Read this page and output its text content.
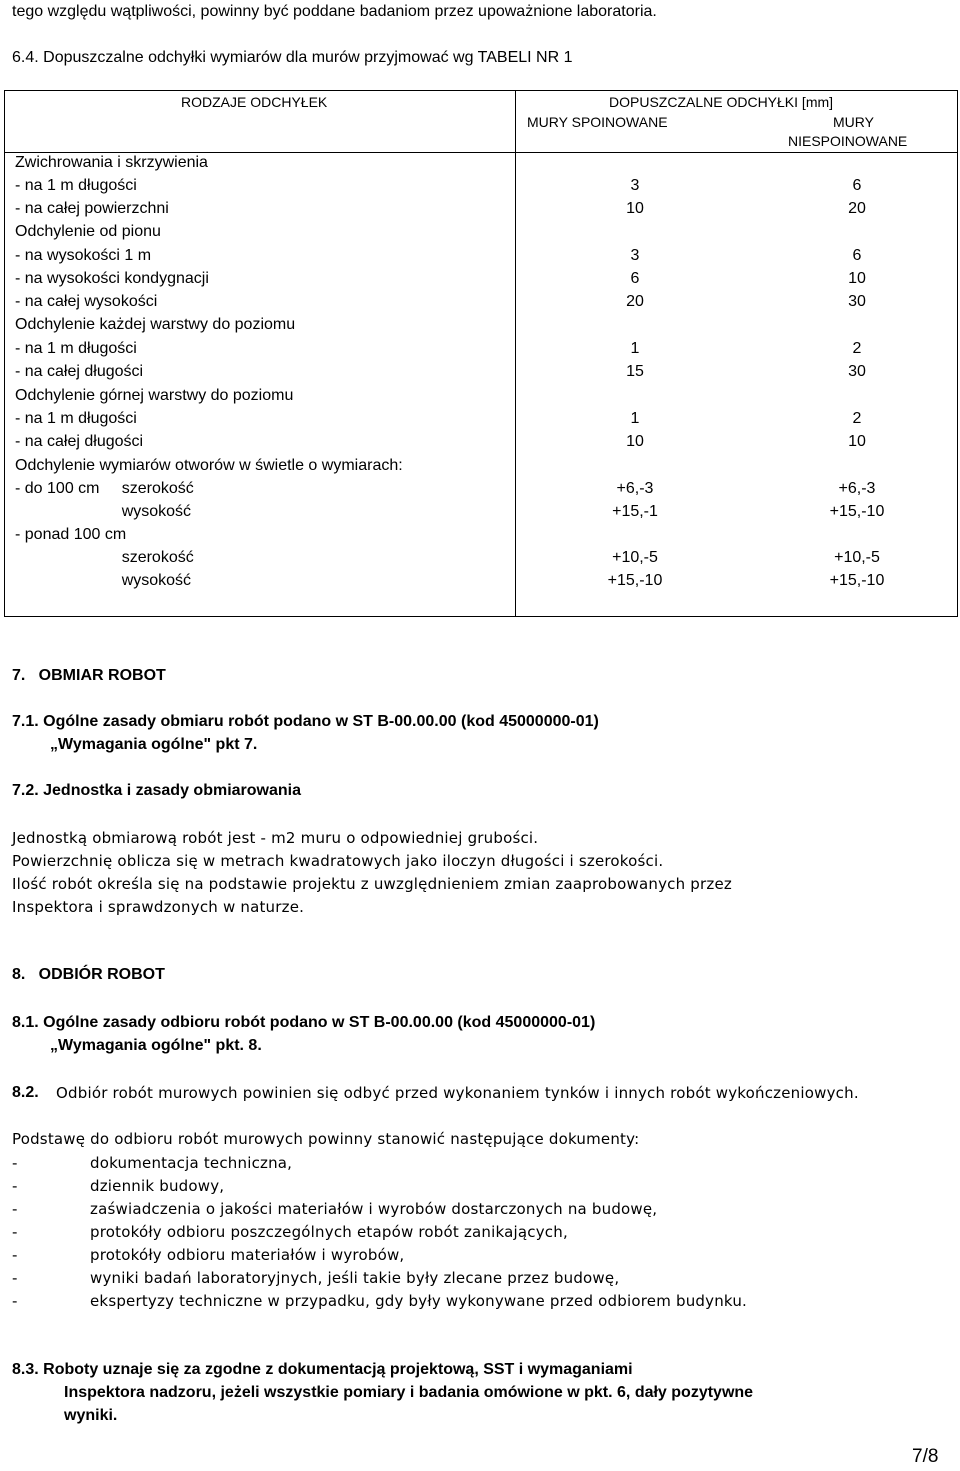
tego względu wątpliwości, powinny być poddane badaniom przez upoważnione laboratoria.
6.4. Dopuszczalne odchyłki wymiarów dla murów przyjmować wg TABELI NR 1
RODZAJE ODCHYŁEK	DOPUSZCZALNE ODCHYŁKI [mm]
MURY SPOINOWANE	MURY
NIESPOINOWANE
Zwichrowania i skrzywienia
- na 1 m długości	3	6
- na całej powierzchni	10	20
Odchylenie od pionu
- na wysokości 1 m	3	6
- na wysokości kondygnacji	6	10
- na całej wysokości	20	30
Odchylenie każdej warstwy do poziomu
- na 1 m długości	1	2
- na całej długości	15	30
Odchylenie górnej warstwy do poziomu
- na 1 m długości	1	2
- na całej długości	10	10
Odchylenie wymiarów otworów w świetle o wymiarach:
- do 100 cm     szerokość	+6,-3	+6,-3
wysokość	+15,-1	+15,-10
- ponad 100 cm
szerokość	+10,-5	+10,-5
wysokość	+15,-10	+15,-10
7.   OBMIAR ROBOT
7.1. Ogólne zasady obmiaru robót podano w ST B-00.00.00 (kod 45000000-01)
„Wymagania ogólne" pkt 7.
7.2. Jednostka i zasady obmiarowania
Jednostką obmiarową robót jest - m2 muru o odpowiedniej grubości.
Powierzchnię oblicza się w metrach kwadratowych jako iloczyn długości i szerokości.
Ilość robót określa się na podstawie projektu z uwzględnieniem zmian zaaprobowanych przez
Inspektora i sprawdzonych w naturze.
8.   ODBIÓR ROBOT
8.1. Ogólne zasady odbioru robót podano w ST B-00.00.00 (kod 45000000-01)
„Wymagania ogólne" pkt. 8.
8.2. Odbiór robót murowych powinien się odbyć przed wykonaniem tynków i innych robót wykończeniowych.
Podstawę do odbioru robót murowych powinny stanowić następujące dokumenty:
-	dokumentacja techniczna,
-	dziennik budowy,
-	zaświadczenia o jakości materiałów i wyrobów dostarczonych na budowę,
-	protokóły odbioru poszczególnych etapów robót zanikających,
-	protokóły odbioru materiałów i wyrobów,
-	wyniki badań laboratoryjnych, jeśli takie były zlecane przez budowę,
-	ekspertyzy techniczne w przypadku, gdy były wykonywane przed odbiorem budynku.
8.3. Roboty uznaje się za zgodne z dokumentacją projektową, SST i wymaganiami
Inspektora nadzoru, jeżeli wszystkie pomiary i badania omówione w pkt. 6, dały pozytywne
wyniki.
7/8
